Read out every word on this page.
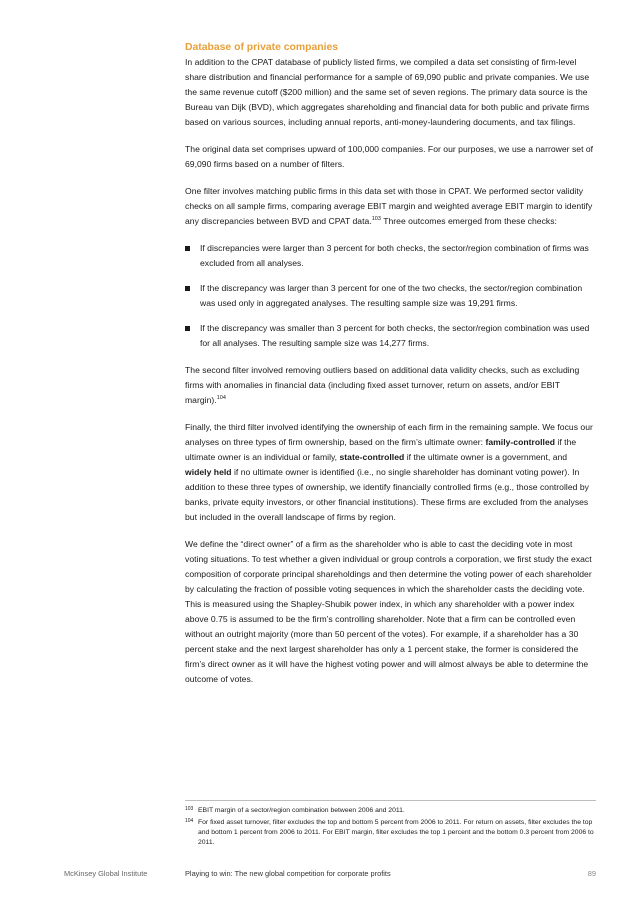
Database of private companies

In addition to the CPAT database of publicly listed firms, we compiled a data set consisting of firm-level share distribution and financial performance for a sample of 69,090 public and private companies. We use the same revenue cutoff ($200 million) and the same set of seven regions. The primary data source is the Bureau van Dijk (BVD), which aggregates shareholding and financial data for both public and private firms based on various sources, including annual reports, anti-money-laundering documents, and tax filings.

The original data set comprises upward of 100,000 companies. For our purposes, we use a narrower set of 69,090 firms based on a number of filters.

One filter involves matching public firms in this data set with those in CPAT. We performed sector validity checks on all sample firms, comparing average EBIT margin and weighted average EBIT margin to identify any discrepancies between BVD and CPAT data.$^{103}$ Three outcomes emerged from these checks:

If discrepancies were larger than 3 percent for both checks, the sector/region combination of firms was excluded from all analyses.
If the discrepancy was larger than 3 percent for one of the two checks, the sector/region combination was used only in aggregated analyses. The resulting sample size was 19,291 firms.
If the discrepancy was smaller than 3 percent for both checks, the sector/region combination was used for all analyses. The resulting sample size was 14,277 firms.

The second filter involved removing outliers based on additional data validity checks, such as excluding firms with anomalies in financial data (including fixed asset turnover, return on assets, and/or EBIT margin).$^{104}$

Finally, the third filter involved identifying the ownership of each firm in the remaining sample. We focus our analyses on three types of firm ownership, based on the firm’s ultimate owner: family-controlled if the ultimate owner is an individual or family, state-controlled if the ultimate owner is a government, and widely held if no ultimate owner is identified (i.e., no single shareholder has dominant voting power). In addition to these three types of ownership, we identify financially controlled firms (e.g., those controlled by banks, private equity investors, or other financial institutions). These firms are excluded from the analyses but included in the overall landscape of firms by region.

We define the “direct owner” of a firm as the shareholder who is able to cast the deciding vote in most voting situations. To test whether a given individual or group controls a corporation, we first study the exact composition of corporate principal shareholdings and then determine the voting power of each shareholder by calculating the fraction of possible voting sequences in which the shareholder casts the deciding vote. This is measured using the Shapley-Shubik power index, in which any shareholder with a power index above 0.75 is assumed to be the firm’s controlling shareholder. Note that a firm can be controlled even without an outright majority (more than 50 percent of the votes). For example, if a shareholder has a 30 percent stake and the next largest shareholder has only a 1 percent stake, the former is considered the firm’s direct owner as it will have the highest voting power and will almost always be able to determine the outcome of votes.

103 EBIT margin of a sector/region combination between 2006 and 2011.
104 For fixed asset turnover, filter excludes the top and bottom 5 percent from 2006 to 2011. For return on assets, filter excludes the top and bottom 1 percent from 2006 to 2011. For EBIT margin, filter excludes the top 1 percent and the bottom 0.3 percent from 2006 to 2011.
McKinsey Global Institute	Playing to win: The new global competition for corporate profits	89
